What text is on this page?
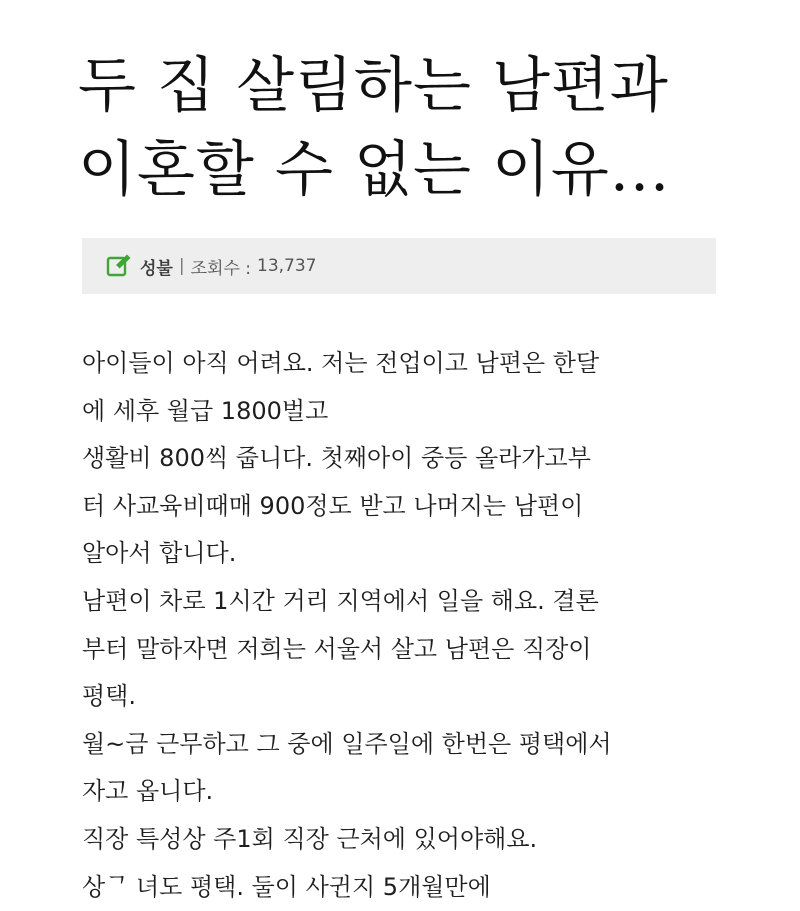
두 집 살림하는 남편과
이혼할 수 없는 이유...
성불 | 조회수 : 13,737
아이들이 아직 어려요. 저는 전업이고 남편은 한달
에 세후 월급 1800벌고
생활비 800씩 줍니다. 첫째아이 중등 올라가고부
터 사교육비때매 900정도 받고 나머지는 남편이
알아서 합니다.
남편이 차로 1시간 거리 지역에서 일을 해요. 결론
부터 말하자면 저희는 서울서 살고 남편은 직장이
평택.
월~금 근무하고 그 중에 일주일에 한번은 평택에서
자고 옵니다.
직장 특성상 주1회 직장 근처에 있어야해요.
상ᄀ 녀도 평택. 둘이 사귄지 5개월만에
